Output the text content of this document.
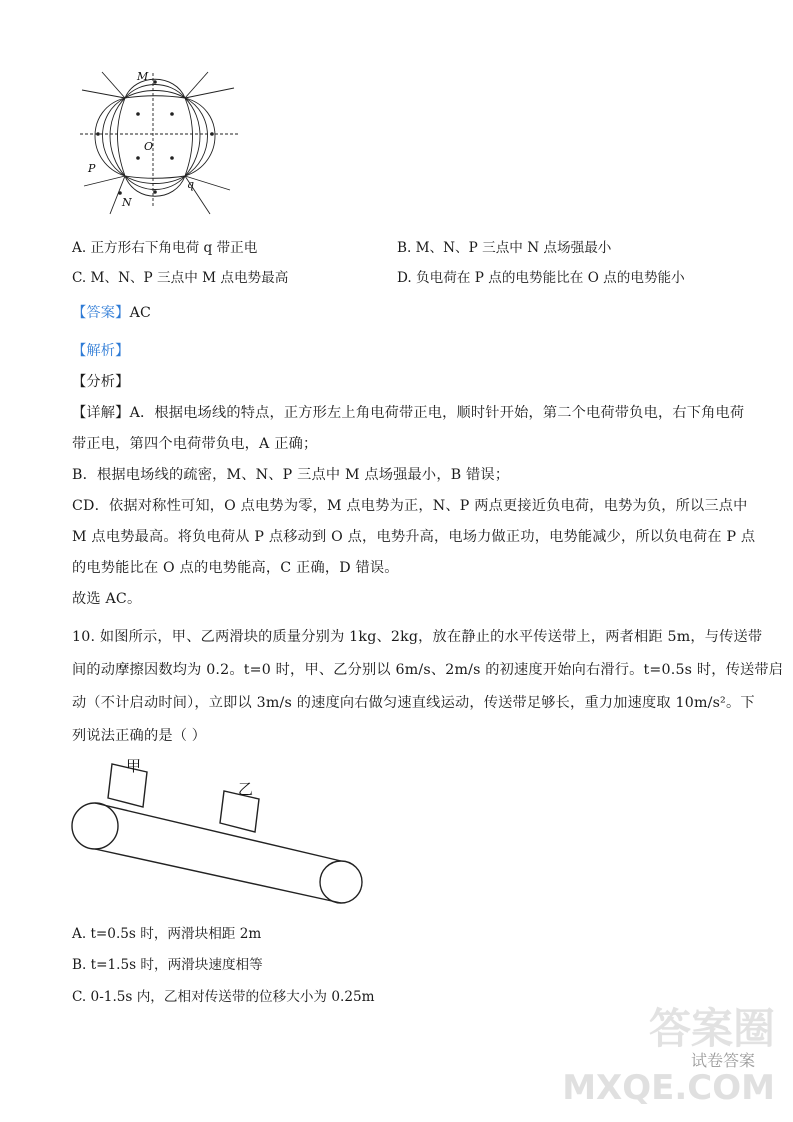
M
O
P
N
q
A. 正方形右下角电荷 q 带正电	B. M、N、P 三点中 N 点场强最小
C. M、N、P 三点中 M 点电势最高	D. 负电荷在 P 点的电势能比在 O 点的电势能小
【答案】AC
【解析】
【分析】
【详解】A．根据电场线的特点，正方形左上角电荷带正电，顺时针开始，第二个电荷带负电，右下角电荷
带正电，第四个电荷带负电，A 正确；
B．根据电场线的疏密，M、N、P 三点中 M 点场强最小，B 错误；
CD．依据对称性可知，O 点电势为零，M 点电势为正，N、P 两点更接近负电荷，电势为负，所以三点中
M 点电势最高。将负电荷从 P 点移动到 O 点，电势升高，电场力做正功，电势能减少，所以负电荷在 P 点
的电势能比在 O 点的电势能高，C 正确，D 错误。
故选 AC。
10. 如图所示，甲、乙两滑块的质量分别为 1kg、2kg，放在静止的水平传送带上，两者相距 5m，与传送带
间的动摩擦因数均为 0.2。t=0 时，甲、乙分别以 6m/s、2m/s 的初速度开始向右滑行。t=0.5s 时，传送带启
动（不计启动时间），立即以 3m/s 的速度向右做匀速直线运动，传送带足够长，重力加速度取 10m/s²。下
列说法正确的是（ ）
甲
乙
A. t=0.5s 时，两滑块相距 2m
B. t=1.5s 时，两滑块速度相等
C. 0-1.5s 内，乙相对传送带的位移大小为 0.25m
答案圈
试卷答案
MXQE.COM
